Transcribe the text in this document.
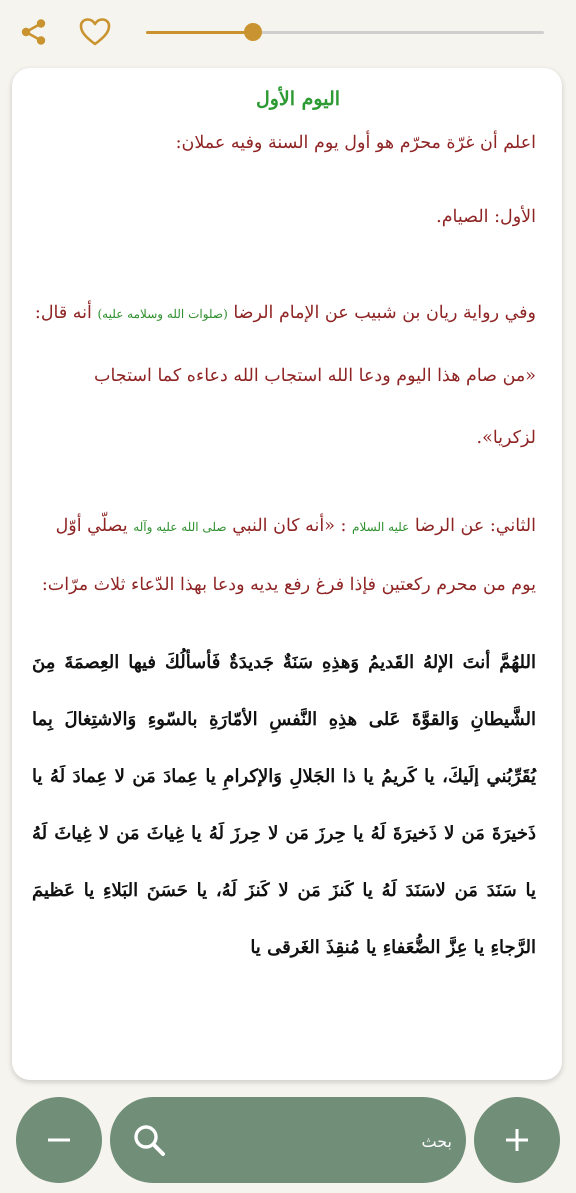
اليوم الأول

اعلم أن غرّة محرّم هو أول يوم السنة وفيه عملان:

الأول: الصيام.

وفي رواية ريان بن شبيب عن الإمام الرضا (صلوات الله وسلامه عليه) أنه قال: «من صام هذا اليوم ودعا الله استجاب الله دعاءه كما استجاب لزكريا».

الثاني: عن الرضا عليه السلام : «أنه كان النبي صلى الله عليه وآله يصلّي أوّل يوم من محرم ركعتين فإذا فرغ رفع يديه ودعا بهذا الدّعاء ثلاث مرّات:

اللهُمَّ أنتَ الإلهُ القَديمُ وَهذِهِ سَنَةٌ جَديدَةٌ فَأسألُكَ فيها العِصمَةَ مِنَ الشَّيطانِ وَالقوَّةَ عَلى هذِهِ النَّفسِ الأمّارَةِ بالسّوءِ وَالاشتِغالَ بِما يُقَرِّبُني إلَيكَ، يا كَريمُ يا ذا الجَلالِ وَالإكرامِ يا عِمادَ مَن لا عِمادَ لَهُ يا ذَخيرَةَ مَن لا ذَخيرَةَ لَهُ يا حِرزَ مَن لا حِرزَ لَهُ يا غِياثَ مَن لا غِياثَ لَهُ يا سَنَدَ مَن لاسَنَدَ لَهُ يا كَنزَ مَن لا كَنزَ لَهُ، يا حَسَنَ البَلاءِ يا عَظيمَ الرَّجاءِ يا عِزَّ الضُّعَفاءِ يا مُنقِذَ الغَرقى يا

بحث
